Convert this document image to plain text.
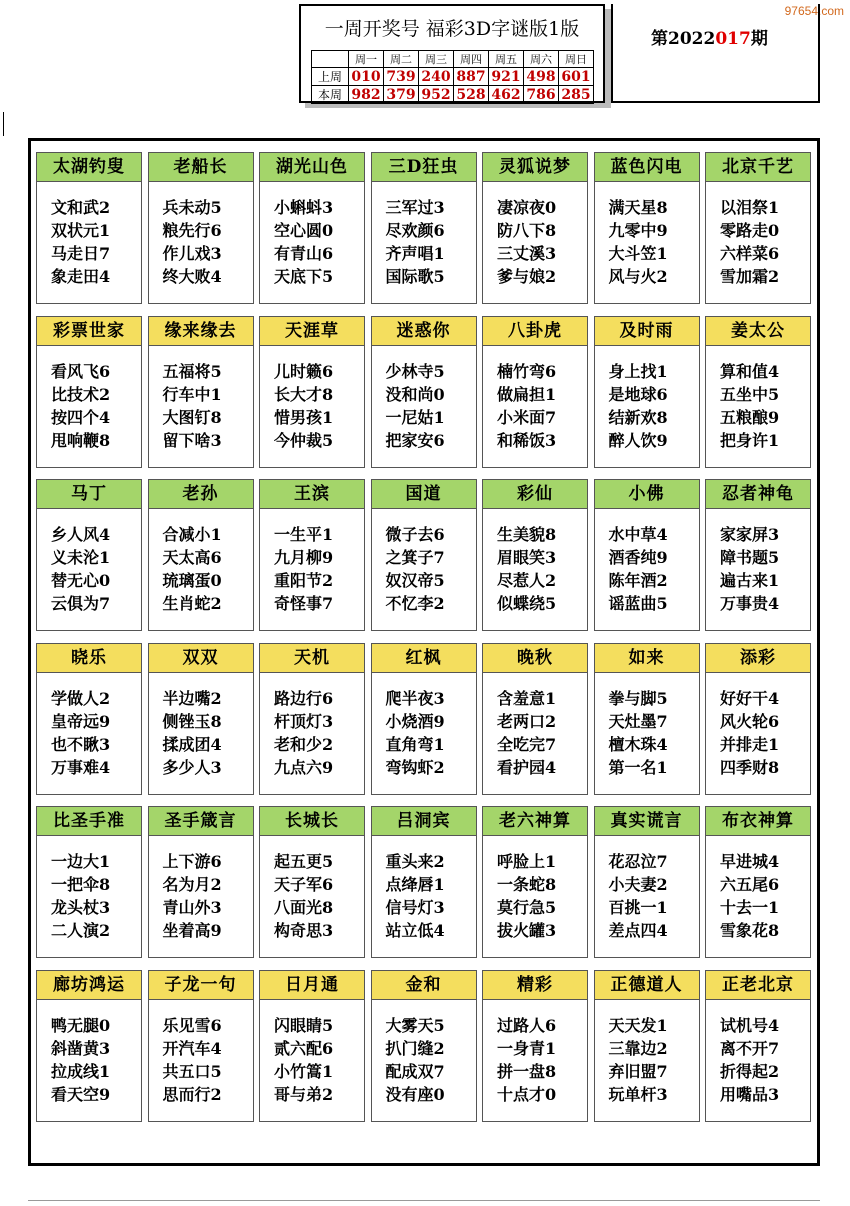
97654.com
一周开奖号 福彩3D字谜版1版
	周一	周二	周三	周四	周五	周六	周日
上周	010	739	240	887	921	498	601
本周	982	379	952	528	462	786	285
第2022017期
太湖钓叟
文和武2
双状元1
马走日7
象走田4
老船长
兵未动5
粮先行6
作儿戏3
终大败4
湖光山色
小蝌蚪3
空心圆0
有青山6
天底下5
三D狂虫
三军过3
尽欢颜6
齐声唱1
国际歌5
灵狐说梦
凄凉夜0
防八下8
三丈溪3
爹与娘2
蓝色闪电
满天星8
九零中9
大斗笠1
风与火2
北京千艺
以泪祭1
零路走0
六样菜6
雪加霜2
彩票世家
看风飞6
比技术2
按四个4
甩响鞭8
缘来缘去
五福将5
行车中1
大图钉8
留下啥3
天涯草
儿时籁6
长大才8
惜男孩1
今仲裁5
迷惑你
少林寺5
没和尚0
一尼姑1
把家安6
八卦虎
楠竹弯6
做扁担1
小米面7
和稀饭3
及时雨
身上找1
是地球6
结新欢8
醉人饮9
姜太公
算和值4
五坐中5
五粮酿9
把身许1
马丁
乡人风4
义未沦1
替无心0
云俱为7
老孙
合减小1
天太高6
琉璃蛋0
生肖蛇2
王滨
一生平1
九月柳9
重阳节2
奇怪事7
国道
微子去6
之箕子7
奴汉帝5
不忆李2
彩仙
生美貌8
眉眼笑3
尽惹人2
似蝶绕5
小佛
水中草4
酒香纯9
陈年酒2
谣蓝曲5
忍者神龟
家家屏3
障书题5
遍古来1
万事贵4
晓乐
学做人2
皇帝远9
也不瞅3
万事难4
双双
半边嘴2
侧锉玉8
揉成团4
多少人3
天机
路边行6
杆顶灯3
老和少2
九点六9
红枫
爬半夜3
小烧酒9
直角弯1
弯钩虾2
晚秋
含羞意1
老两口2
全吃完7
看护园4
如来
拳与脚5
天灶墨7
檀木珠4
第一名1
添彩
好好干4
风火轮6
并排走1
四季财8
比圣手准
一边大1
一把伞8
龙头杖3
二人演2
圣手箴言
上下游6
名为月2
青山外3
坐着高9
长城长
起五更5
天子军6
八面光8
构奇思3
吕洞宾
重头来2
点绛唇1
信号灯3
站立低4
老六神算
呼脸上1
一条蛇8
莫行急5
拔火罐3
真实谎言
花忍泣7
小夫妻2
百挑一1
差点四4
布衣神算
早进城4
六五尾6
十去一1
雪象花8
廊坊鸿运
鸭无腿0
斜凿黄3
拉成线1
看天空9
子龙一句
乐见雪6
开汽车4
共五口5
思而行2
日月通
闪眼睛5
贰六配6
小竹篙1
哥与弟2
金和
大雾天5
扒门缝2
配成双7
没有座0
精彩
过路人6
一身青1
拼一盘8
十点才0
正德道人
天天发1
三靠边2
弃旧盟7
玩单杆3
正老北京
试机号4
离不开7
折得起2
用嘴品3
